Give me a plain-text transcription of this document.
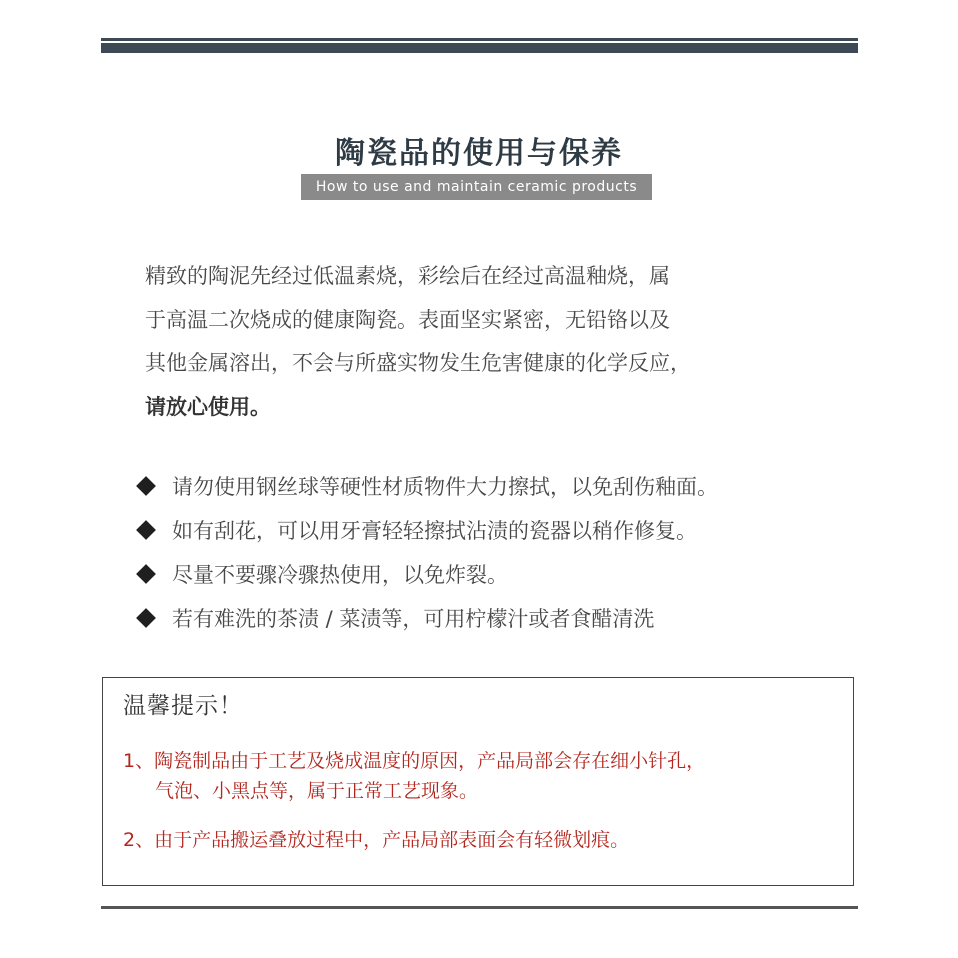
陶瓷品的使用与保养
How to use and maintain ceramic products
精致的陶泥先经过低温素烧，彩绘后在经过高温釉烧，属
于高温二次烧成的健康陶瓷。表面坚实紧密，无铅铬以及
其他金属溶出，不会与所盛实物发生危害健康的化学反应，
请放心使用。
请勿使用钢丝球等硬性材质物件大力擦拭，以免刮伤釉面。
如有刮花，可以用牙膏轻轻擦拭沾渍的瓷器以稍作修复。
尽量不要骤冷骤热使用，以免炸裂。
若有难洗的茶渍 / 菜渍等，可用柠檬汁或者食醋清洗
温馨提示！
1、陶瓷制品由于工艺及烧成温度的原因，产品局部会存在细小针孔，
气泡、小黑点等，属于正常工艺现象。
2、由于产品搬运叠放过程中，产品局部表面会有轻微划痕。
